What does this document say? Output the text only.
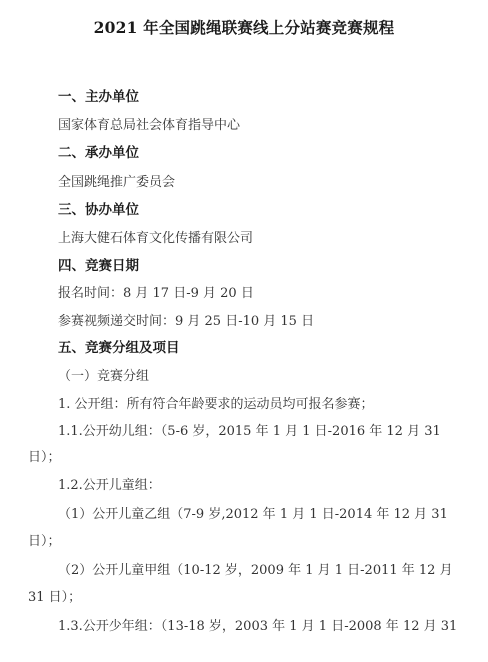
2021 年全国跳绳联赛线上分站赛竞赛规程
一、主办单位
国家体育总局社会体育指导中心
二、承办单位
全国跳绳推广委员会
三、协办单位
上海大健石体育文化传播有限公司
四、竞赛日期
报名时间：8 月 17 日-9 月 20 日
参赛视频递交时间：9 月 25 日-10 月 15 日
五、竞赛分组及项目
（一）竞赛分组
1. 公开组：所有符合年龄要求的运动员均可报名参赛；
1.1.公开幼儿组：（5-6 岁，2015 年 1 月 1 日-2016 年 12 月 31
日）；
1.2.公开儿童组：
（1）公开儿童乙组（7-9 岁,2012 年 1 月 1 日-2014 年 12 月 31
日）；
（2）公开儿童甲组（10-12 岁，2009 年 1 月 1 日-2011 年 12 月
31 日）；
1.3.公开少年组：（13-18 岁，2003 年 1 月 1 日-2008 年 12 月 31
